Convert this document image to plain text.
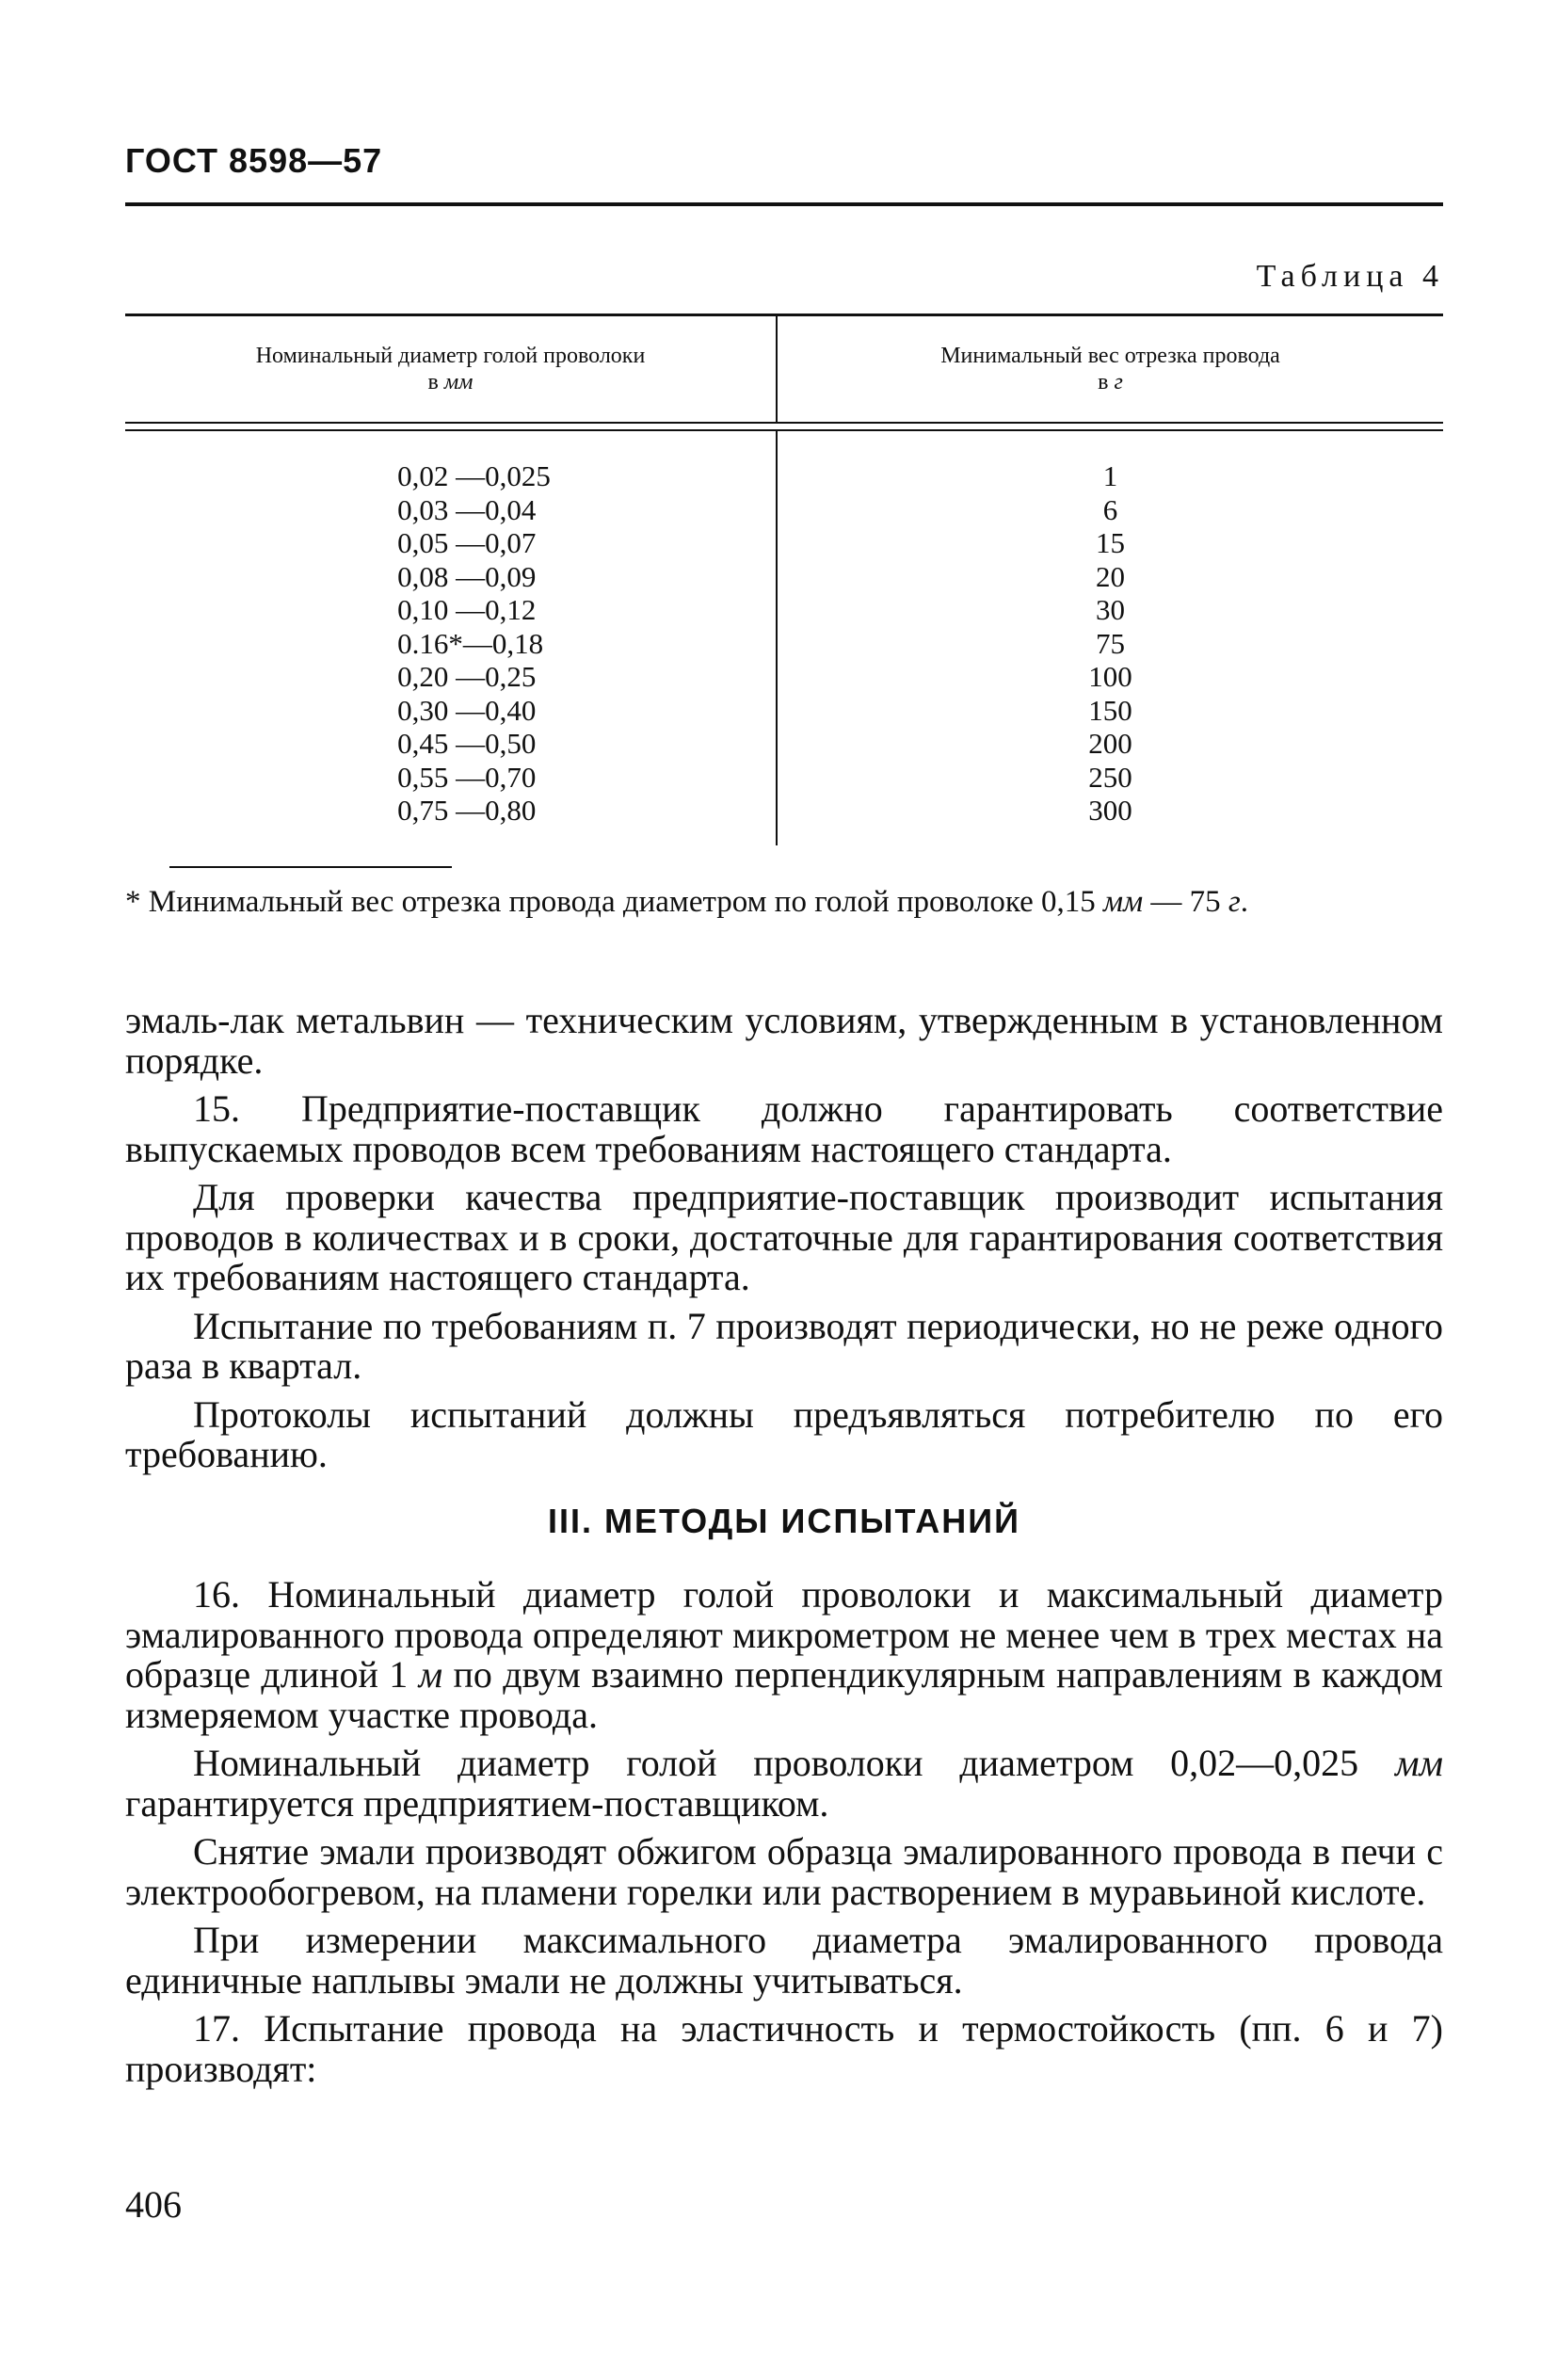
ГОСТ 8598—57
Таблица 4
Номинальный диаметр голой проволоки
в мм
Минимальный вес отрезка провода
в г
0,02 —0,025
0,03 —0,04
0,05 —0,07
0,08 —0,09
0,10 —0,12
0.16*—0,18
0,20 —0,25
0,30 —0,40
0,45 —0,50
0,55 —0,70
0,75 —0,80
1
6
15
20
30
75
100
150
200
250
300
* Минимальный вес отрезка провода диаметром по голой проволоке 0,15 мм — 75 г.

эмаль-лак метальвин — техническим условиям, утвержденным в установленном порядке.

15. Предприятие-поставщик должно гарантировать соответствие выпускаемых проводов всем требованиям настоящего стандарта.

Для проверки качества предприятие-поставщик производит испытания проводов в количествах и в сроки, достаточные для гарантирования соответствия их требованиям настоящего стандарта.

Испытание по требованиям п. 7 производят периодически, но не реже одного раза в квартал.

Протоколы испытаний должны предъявляться потребителю по его требованию.

III. МЕТОДЫ ИСПЫТАНИЙ

16. Номинальный диаметр голой проволоки и максимальный диаметр эмалированного провода определяют микрометром не менее чем в трех местах на образце длиной 1 м по двум взаимно перпендикулярным направлениям в каждом измеряемом участке провода.

Номинальный диаметр голой проволоки диаметром 0,02—0,025 мм гарантируется предприятием-поставщиком.

Снятие эмали производят обжигом образца эмалированного провода в печи с электрообогревом, на пламени горелки или растворением в муравьиной кислоте.

При измерении максимального диаметра эмалированного провода единичные наплывы эмали не должны учитываться.

17. Испытание провода на эластичность и термостойкость (пп. 6 и 7) производят:

406
